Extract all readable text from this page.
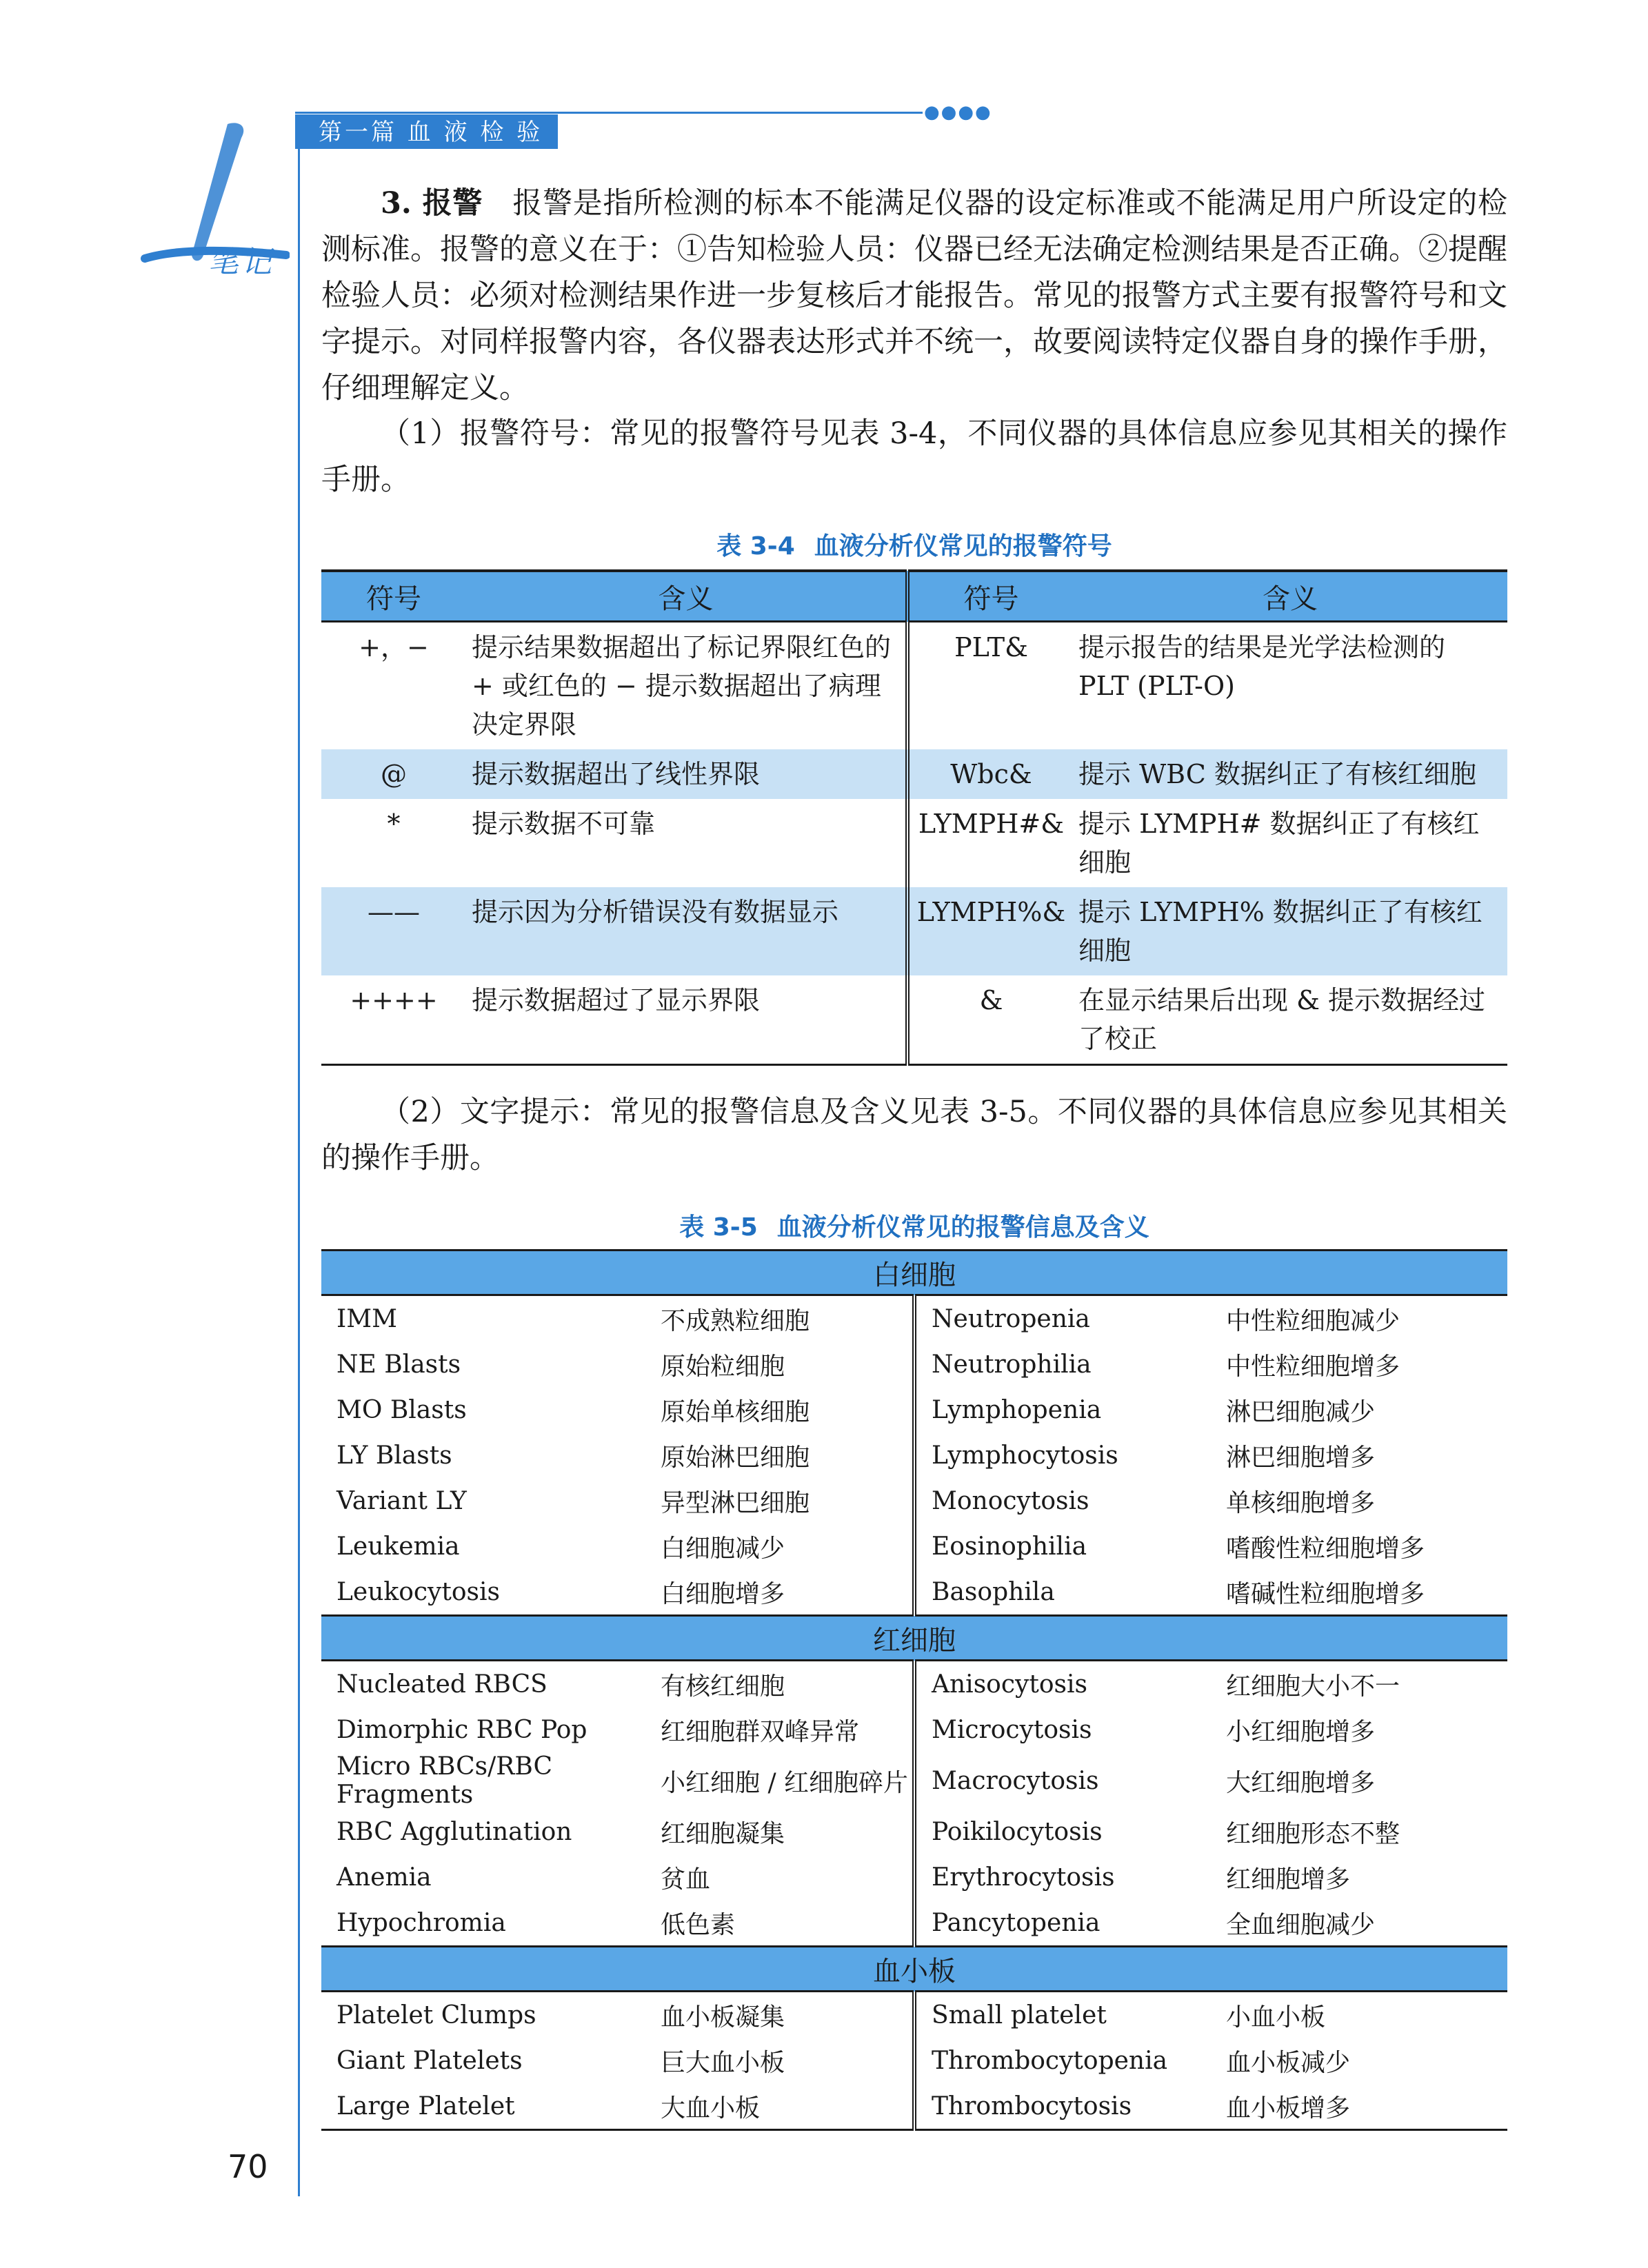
第一篇 血 液 检 验
●●●●
笔记
3. 报警 报警是指所检测的标本不能满足仪器的设定标准或不能满足用户所设定的检测标准。报警的意义在于：①告知检验人员：仪器已经无法确定检测结果是否正确。②提醒检验人员：必须对检测结果作进一步复核后才能报告。常见的报警方式主要有报警符号和文字提示。对同样报警内容，各仪器表达形式并不统一，故要阅读特定仪器自身的操作手册，仔细理解定义。
（1）报警符号：常见的报警符号见表 3-4，不同仪器的具体信息应参见其相关的操作手册。
表 3-4 血液分析仪常见的报警符号
符号	含义	符号	含义
+，−	提示结果数据超出了标记界限红色的 + 或红色的 − 提示数据超出了病理决定界限	PLT&	提示报告的结果是光学法检测的 PLT (PLT-O)
@	提示数据超出了线性界限	Wbc&	提示 WBC 数据纠正了有核红细胞
*	提示数据不可靠	LYMPH#&	提示 LYMPH# 数据纠正了有核红细胞
——	提示因为分析错误没有数据显示	LYMPH%&	提示 LYMPH% 数据纠正了有核红细胞
++++	提示数据超过了显示界限	&	在显示结果后出现 & 提示数据经过了校正
（2）文字提示：常见的报警信息及含义见表 3-5。不同仪器的具体信息应参见其相关的操作手册。
表 3-5 血液分析仪常见的报警信息及含义
白细胞			
IMM	不成熟粒细胞	Neutropenia	中性粒细胞减少
NE Blasts	原始粒细胞	Neutrophilia	中性粒细胞增多
MO Blasts	原始单核细胞	Lymphopenia	淋巴细胞减少
LY Blasts	原始淋巴细胞	Lymphocytosis	淋巴细胞增多
Variant LY	异型淋巴细胞	Monocytosis	单核细胞增多
Leukemia	白细胞减少	Eosinophilia	嗜酸性粒细胞增多
Leukocytosis	白细胞增多	Basophila	嗜碱性粒细胞增多
红细胞			
Nucleated RBCS	有核红细胞	Anisocytosis	红细胞大小不一
Dimorphic RBC Pop	红细胞群双峰异常	Microcytosis	小红细胞增多
Micro RBCs/RBC Fragments	小红细胞 / 红细胞碎片	Macrocytosis	大红细胞增多
RBC Agglutination	红细胞凝集	Poikilocytosis	红细胞形态不整
Anemia	贫血	Erythrocytosis	红细胞增多
Hypochromia	低色素	Pancytopenia	全血细胞减少
血小板			
Platelet Clumps	血小板凝集	Small platelet	小血小板
Giant Platelets	巨大血小板	Thrombocytopenia	血小板减少
Large Platelet	大血小板	Thrombocytosis	血小板增多
70
